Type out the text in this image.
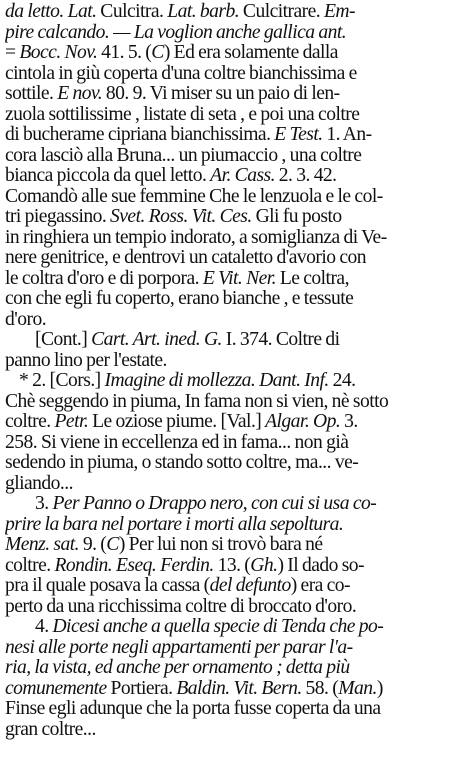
da letto. Lat. Culcitra. Lat. barb. Culcitrare. Em-
pire calcando. — La voglion anche gallica ant.
= Bocc. Nov. 41. 5. (C) Ed era solamente dalla
cintola in giù coperta d'una coltre bianchissima e
sottile. E nov. 80. 9. Vi miser su un paio di len-
zuola sottilissime , listate di seta , e poi una coltre
di bucherame cipriana bianchissima. E Test. 1. An-
cora lasciò alla Bruna... un piumaccio , una coltre
bianca piccola da quel letto. Ar. Cass. 2. 3. 42.
Comandò alle sue femmine Che le lenzuola e le col-
tri piegassino. Svet. Ross. Vit. Ces. Gli fu posto
in ringhiera un tempio indorato, a somiglianza di Ve-
nere genitrice, e dentrovi un cataletto d'avorio con
le coltra d'oro e di porpora. E Vit. Ner. Le coltra,
con che egli fu coperto, erano bianche , e tessute
d'oro.
[Cont.] Cart. Art. ined. G. I. 374. Coltre di
panno lino per l'estate.
* 2. [Cors.] Imagine di mollezza. Dant. Inf. 24.
Chè seggendo in piuma, In fama non si vien, nè sotto
coltre. Petr. Le oziose piume. [Val.] Algar. Op. 3.
258. Si viene in eccellenza ed in fama... non già
sedendo in piuma, o stando sotto coltre, ma... ve-
gliando...
3. Per Panno o Drappo nero, con cui si usa co-
prire la bara nel portare i morti alla sepoltura.
Menz. sat. 9. (C) Per lui non si trovò bara né
coltre. Rondin. Eseq. Ferdin. 13. (Gh.) Il dado so-
pra il quale posava la cassa (del defunto) era co-
perto da una ricchissima coltre di broccato d'oro.
4. Dicesi anche a quella specie di Tenda che po-
nesi alle porte negli appartamenti per parar l'a-
ria, la vista, ed anche per ornamento ; detta più
comunemente Portiera. Baldin. Vit. Bern. 58. (Man.)
Finse egli adunque che la porta fusse coperta da una
gran coltre...
